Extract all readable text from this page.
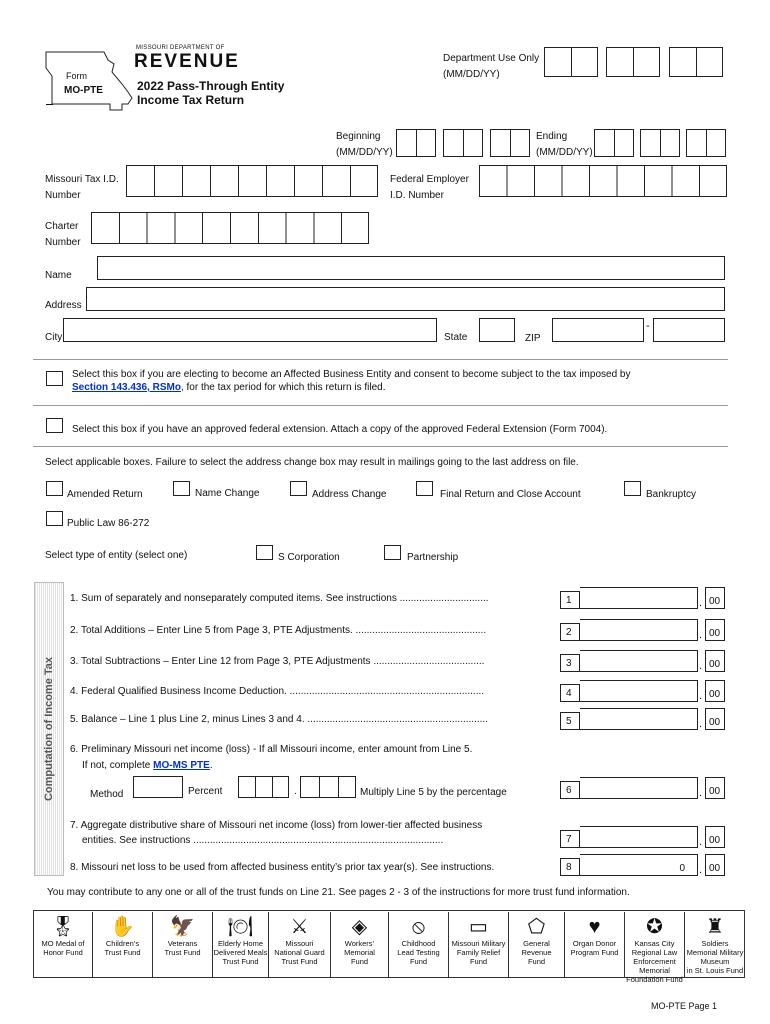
Form
MO-PTE
MISSOURI DEPARTMENT OF
REVENUE
2022 Pass-Through Entity
Income Tax Return
Department Use Only
(MM/DD/YY)
Beginning
(MM/DD/YY)
Ending
(MM/DD/YY)
Missouri Tax I.D.
Number
Federal Employer
I.D. Number
Charter
Number
Name
Address
City	State	ZIP
-
Select this box if you are electing to become an Affected Business Entity and consent to become subject to the tax imposed by
Section 143.436, RSMo, for the tax period for which this return is filed.
Select this box if you have an approved federal extension. Attach a copy of the approved Federal Extension (Form 7004).
Select applicable boxes. Failure to select the address change box may result in mailings going to the last address on file.
Amended Return	Name Change	Address Change	Final Return and Close Account	Bankruptcy
Public Law 86-272
Select type of entity (select one)	S Corporation	Partnership
Computation of Income Tax
1. Sum of separately and nonseparately computed items. See instructions ................................	1	. 00
2. Total Additions – Enter Line 5 from Page 3, PTE Adjustments. ...............................................	2	. 00
3. Total Subtractions – Enter Line 12 from Page 3, PTE Adjustments ........................................	3	. 00
4. Federal Qualified Business Income Deduction. ......................................................................	4	. 00
5. Balance – Line 1 plus Line 2, minus Lines 3 and 4. .................................................................	5	. 00
6. Preliminary Missouri net income (loss) - If all Missouri income, enter amount from Line 5.
If not, complete MO-MS PTE.
Method	Percent	.	Multiply Line 5 by the percentage	6	. 00
7. Aggregate distributive share of Missouri net income (loss) from lower-tier affected business
entities. See instructions ..........................................................................................	7	. 00
8. Missouri net loss to be used from affected business entity’s prior tax year(s). See instructions.	8	0	. 00
You may contribute to any one or all of the trust funds on Line 21. See pages 2 - 3 of the instructions for more trust fund information.
🎖
MO Medal of
Honor Fund
✋
Children’s
Trust Fund
🦅
Veterans
Trust Fund
🍽
Elderly Home
Delivered Meals
Trust Fund
⚔
Missouri
National Guard
Trust Fund
◈
Workers’
Memorial
Fund
⦸
Childhood
Lead Testing
Fund
▭
Missouri Military
Family Relief
Fund
⬠
General
Revenue
Fund
♥
Organ Donor
Program Fund
✪
Kansas City Regional Law
Enforcement Memorial
Foundation Fund
♜
Soldiers
Memorial Military Museum
in St. Louis Fund
MO-PTE Page 1
